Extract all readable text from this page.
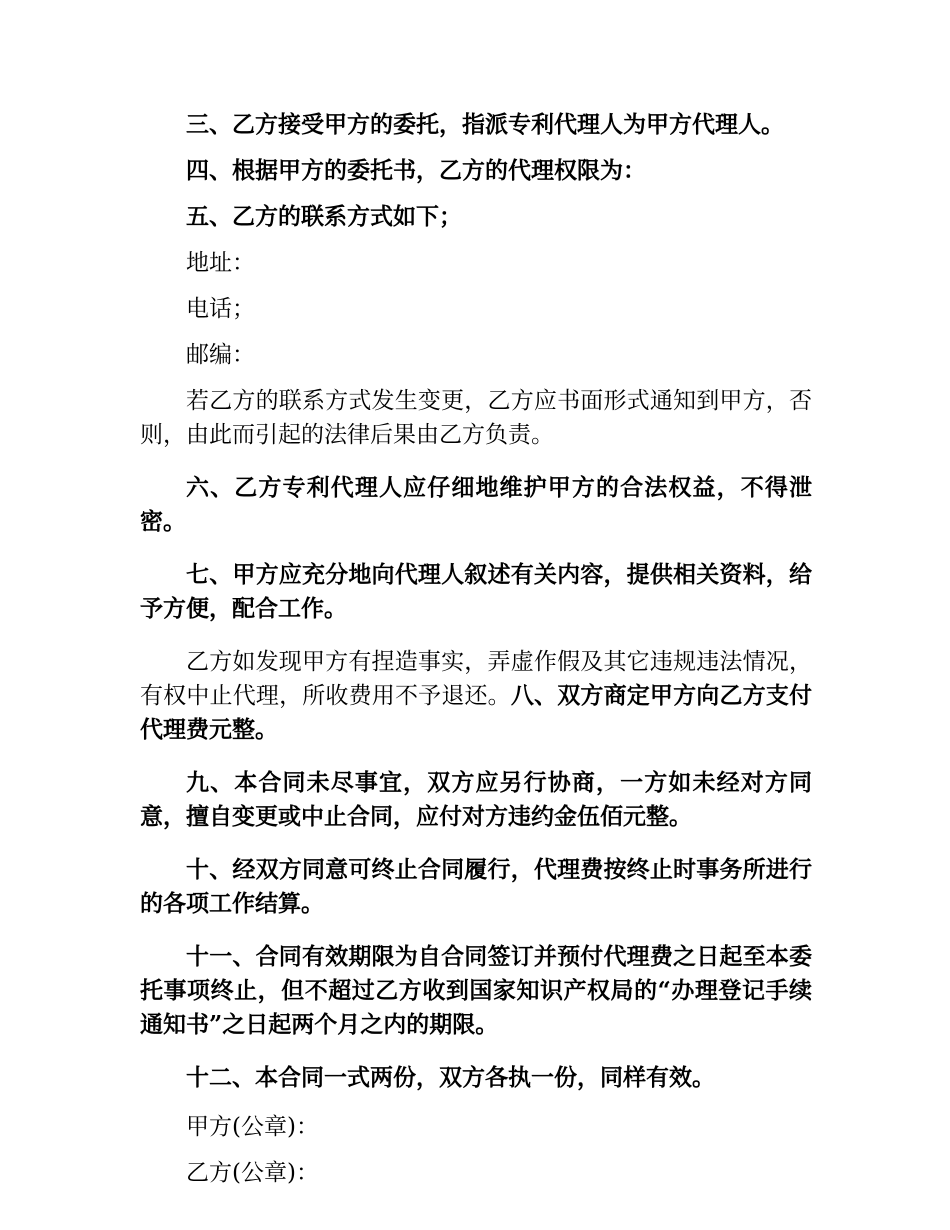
三、乙方接受甲方的委托，指派专利代理人为甲方代理人。

四、根据甲方的委托书，乙方的代理权限为：

五、乙方的联系方式如下；

地址：

电话；

邮编：

若乙方的联系方式发生变更，乙方应书面形式通知到甲方，否则，由此而引起的法律后果由乙方负责。

六、乙方专利代理人应仔细地维护甲方的合法权益，不得泄密。

七、甲方应充分地向代理人叙述有关内容，提供相关资料，给予方便，配合工作。

乙方如发现甲方有捏造事实，弄虚作假及其它违规违法情况，有权中止代理，所收费用不予退还。八、双方商定甲方向乙方支付代理费元整。

九、本合同未尽事宜，双方应另行协商，一方如未经对方同意，擅自变更或中止合同，应付对方违约金伍佰元整。

十、经双方同意可终止合同履行，代理费按终止时事务所进行的各项工作结算。

十一、合同有效期限为自合同签订并预付代理费之日起至本委托事项终止，但不超过乙方收到国家知识产权局的“办理登记手续通知书”之日起两个月之内的期限。

十二、本合同一式两份，双方各执一份，同样有效。

甲方(公章)：

乙方(公章)：
